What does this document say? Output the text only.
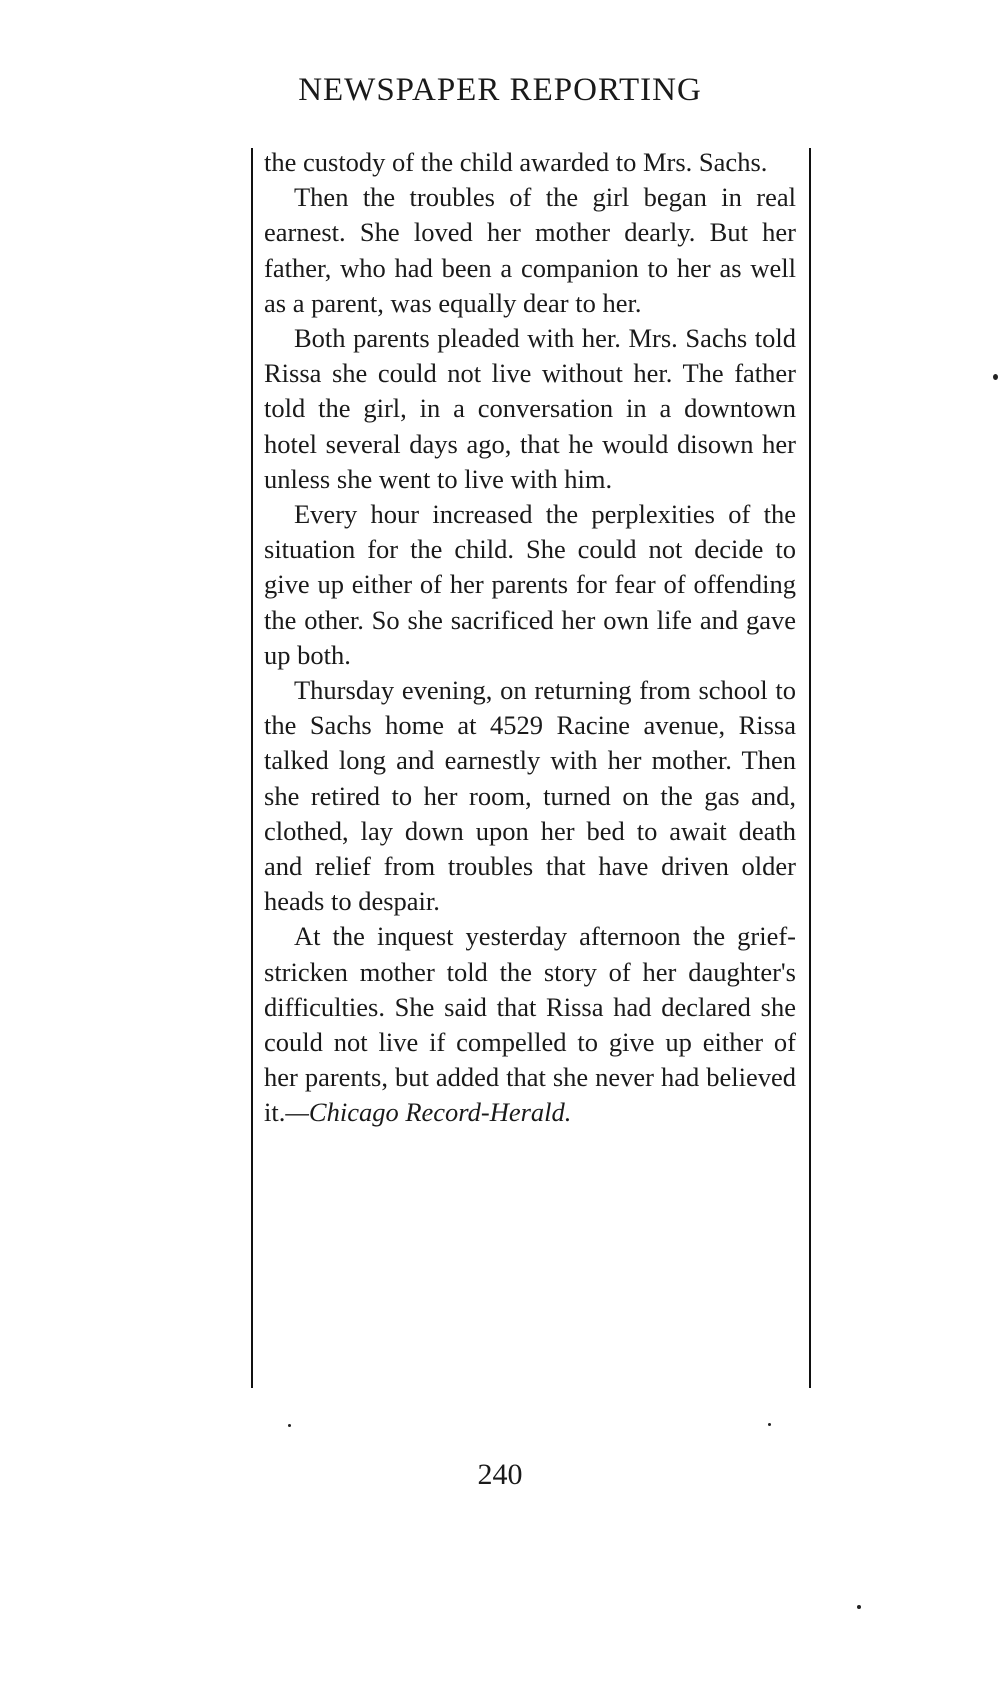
NEWSPAPER REPORTING

the custody of the child awarded to Mrs. Sachs.

Then the troubles of the girl began in real earnest. She loved her mother dearly. But her father, who had been a companion to her as well as a parent, was equally dear to her.

Both parents pleaded with her. Mrs. Sachs told Rissa she could not live without her. The father told the girl, in a conversation in a downtown hotel several days ago, that he would disown her unless she went to live with him.

Every hour increased the perplexities of the situation for the child. She could not decide to give up either of her parents for fear of offending the other. So she sacrificed her own life and gave up both.

Thursday evening, on returning from school to the Sachs home at 4529 Racine avenue, Rissa talked long and earnestly with her mother. Then she retired to her room, turned on the gas and, clothed, lay down upon her bed to await death and relief from troubles that have driven older heads to despair.

At the inquest yesterday afternoon the grief-stricken mother told the story of her daughter's difficulties. She said that Rissa had declared she could not live if compelled to give up either of her parents, but added that she never had believed it.—Chicago Record-Herald.

240
